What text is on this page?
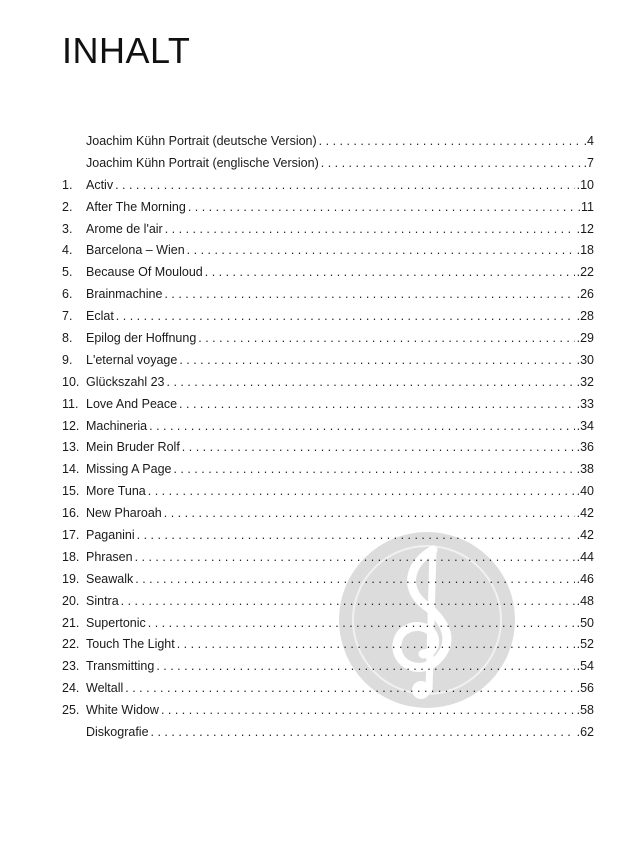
INHALT
Joachim Kühn Portrait (deutsche Version) . . .	.4
Joachim Kühn Portrait (englische Version) . . .	.7
1.	Activ . . .	.10
2.	After The Morning . . .	.11
3.	Arome de l'air . . .	.12
4.	Barcelona – Wien . . .	.18
5.	Because Of Mouloud . . .	.22
6.	Brainmachine . . .	.26
7.	Eclat . . .	.28
8.	Epilog der Hoffnung . . .	.29
9.	L'eternal voyage . . .	.30
10. Glückszahl 23 . . .	.32
11. Love And Peace . . .	.33
12. Machineria . . .	.34
13. Mein Bruder Rolf . . .	.36
14. Missing A Page . . .	.38
15. More Tuna . . .	.40
16. New Pharoah . . .	.42
17. Paganini . . .	.42
18. Phrasen . . .	.44
19. Seawalk . . .	.46
20. Sintra . . .	.48
21. Supertonic . . .	.50
22. Touch The Light . . .	.52
23. Transmitting . . .	.54
24. Weltall . . .	.56
25. White Widow . . .	.58
Diskografie . . .	.62
